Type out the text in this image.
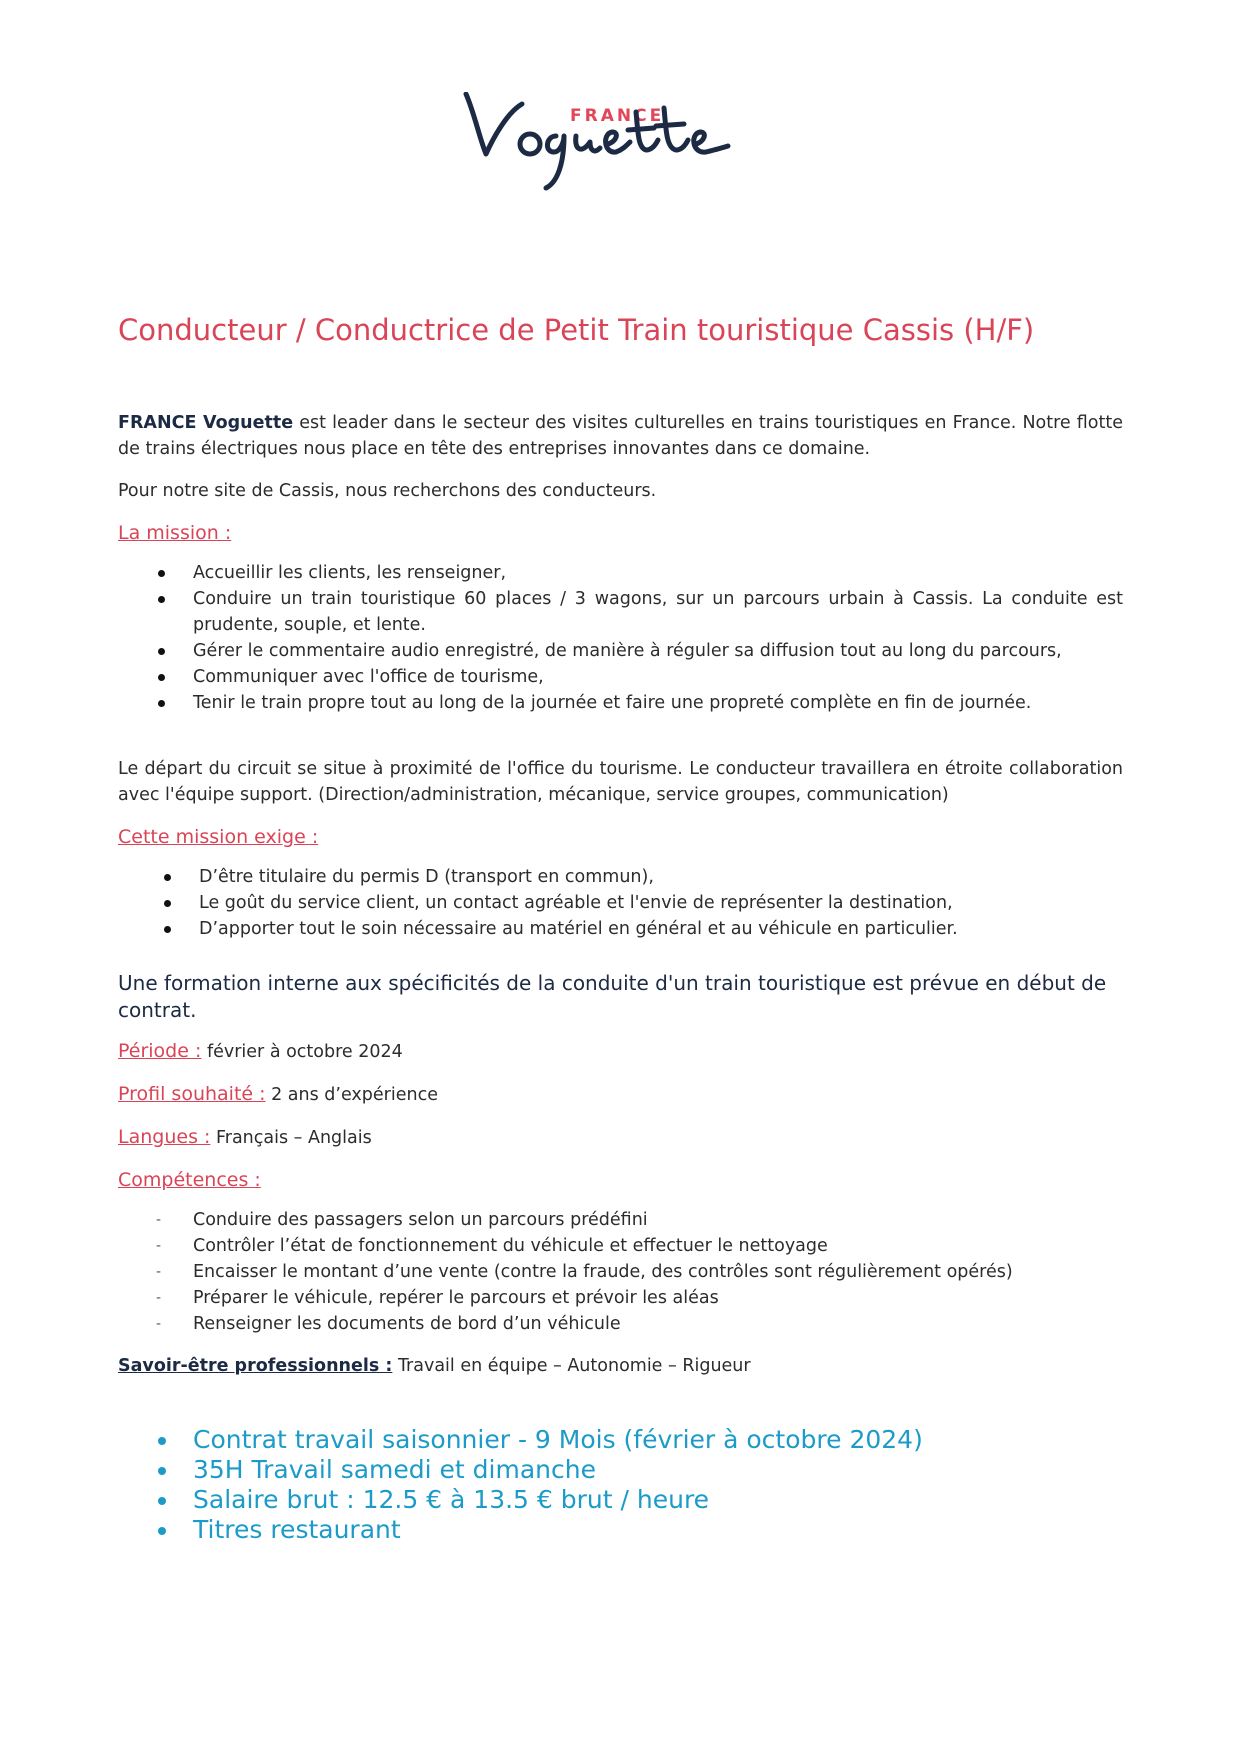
FRANCE
Conducteur / Conductrice de Petit Train touristique Cassis (H/F)

FRANCE Voguette est leader dans le secteur des visites culturelles en trains touristiques en France. Notre flotte de trains électriques nous place en tête des entreprises innovantes dans ce domaine.

Pour notre site de Cassis, nous recherchons des conducteurs.

La mission :

Accueillir les clients, les renseigner,
Conduire un train touristique 60 places / 3 wagons, sur un parcours urbain à Cassis. La conduite est prudente, souple, et lente.
Gérer le commentaire audio enregistré, de manière à réguler sa diffusion tout au long du parcours,
Communiquer avec l'office de tourisme,
Tenir le train propre tout au long de la journée et faire une propreté complète en fin de journée.

Le départ du circuit se situe à proximité de l'office du tourisme. Le conducteur travaillera en étroite collaboration avec l'équipe support. (Direction/administration, mécanique, service groupes, communication)

Cette mission exige :

D’être titulaire du permis D (transport en commun),
Le goût du service client, un contact agréable et l'envie de représenter la destination,
D’apporter tout le soin nécessaire au matériel en général et au véhicule en particulier.

Une formation interne aux spécificités de la conduite d'un train touristique est prévue en début de contrat.

Période : février à octobre 2024

Profil souhaité : 2 ans d’expérience

Langues : Français – Anglais

Compétences :

- Conduire des passagers selon un parcours prédéfini
- Contrôler l’état de fonctionnement du véhicule et effectuer le nettoyage
- Encaisser le montant d’une vente (contre la fraude, des contrôles sont régulièrement opérés)
- Préparer le véhicule, repérer le parcours et prévoir les aléas
- Renseigner les documents de bord d’un véhicule

Savoir-être professionnels : Travail en équipe – Autonomie – Rigueur

Contrat travail saisonnier - 9 Mois (février à octobre 2024)
35H Travail samedi et dimanche
Salaire brut : 12.5 € à 13.5 € brut / heure
Titres restaurant
